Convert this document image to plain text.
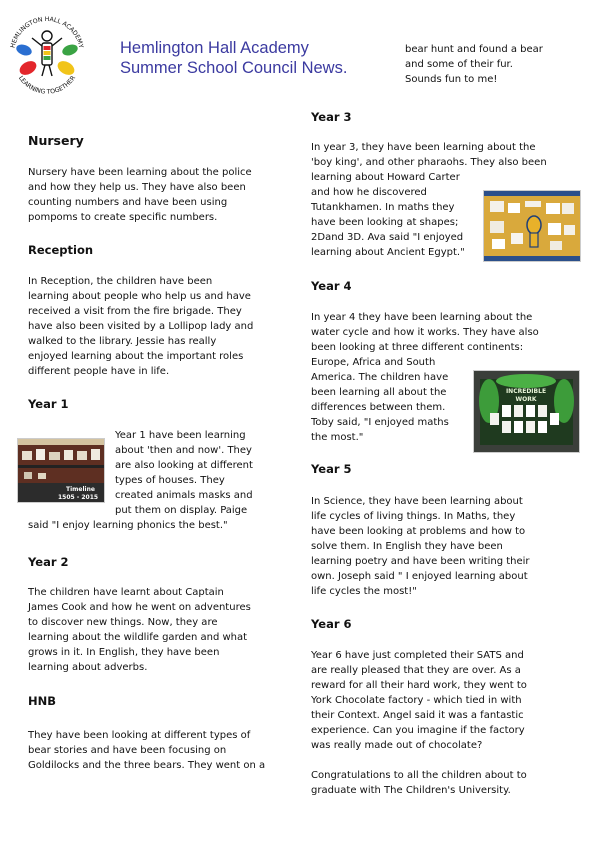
HEMLINGTON HALL ACADEMY
LEARNING TOGETHER
Hemlington Hall Academy
Summer School Council News.
Nursery
Nursery have been learning about the police
and how they help us. They have also been
counting numbers and have been using
pompoms to create specific numbers.
Reception
In Reception, the children have been
learning about people who help us and have
received a visit from the fire brigade. They
have also been visited by a Lollipop lady and
walked to the library. Jessie has really
enjoyed learning about the important roles
different people have in life.
Year 1
Timeline
1505 - 2015
Year 1 have been learning
about 'then and now'. They
are also looking at different
types of houses. They
created animals masks and
put them on display. Paige
said "I enjoy learning phonics the best."
Year 2
The children have learnt about Captain
James Cook and how he went on adventures
to discover new things. Now, they are
learning about the wildlife garden and what
grows in it. In English, they have been
learning about adverbs.
HNB
They have been looking at different types of
bear stories and have been focusing on
Goldilocks and the three bears. They went on a
bear hunt and found a bear
and some of their fur.
Sounds fun to me!
Year 3
In year 3, they have been learning about the
'boy king', and other pharaohs. They also been
learning about Howard Carter
and how he discovered
Tutankhamen. In maths they
have been looking at shapes;
2Dand 3D. Ava said "I enjoyed
learning about Ancient Egypt."
Year 4
In year 4 they have been learning about the
water cycle and how it works. They have also
been looking at three different continents:
Europe, Africa and South
America. The children have
been learning all about the
differences between them.
Toby said, "I enjoyed maths
the most."
INCREDIBLE
WORK
Year 5
In Science, they have been learning about
life cycles of living things. In Maths, they
have been looking at problems and how to
solve them. In English they have been
learning poetry and have been writing their
own. Joseph said " I enjoyed learning about
life cycles the most!"
Year 6
Year 6 have just completed their SATS and
are really pleased that they are over. As a
reward for all their hard work, they went to
York Chocolate factory - which tied in with
their Context. Angel said it was a fantastic
experience. Can you imagine if the factory
was really made out of chocolate?
Congratulations to all the children about to
graduate with The Children's University.
